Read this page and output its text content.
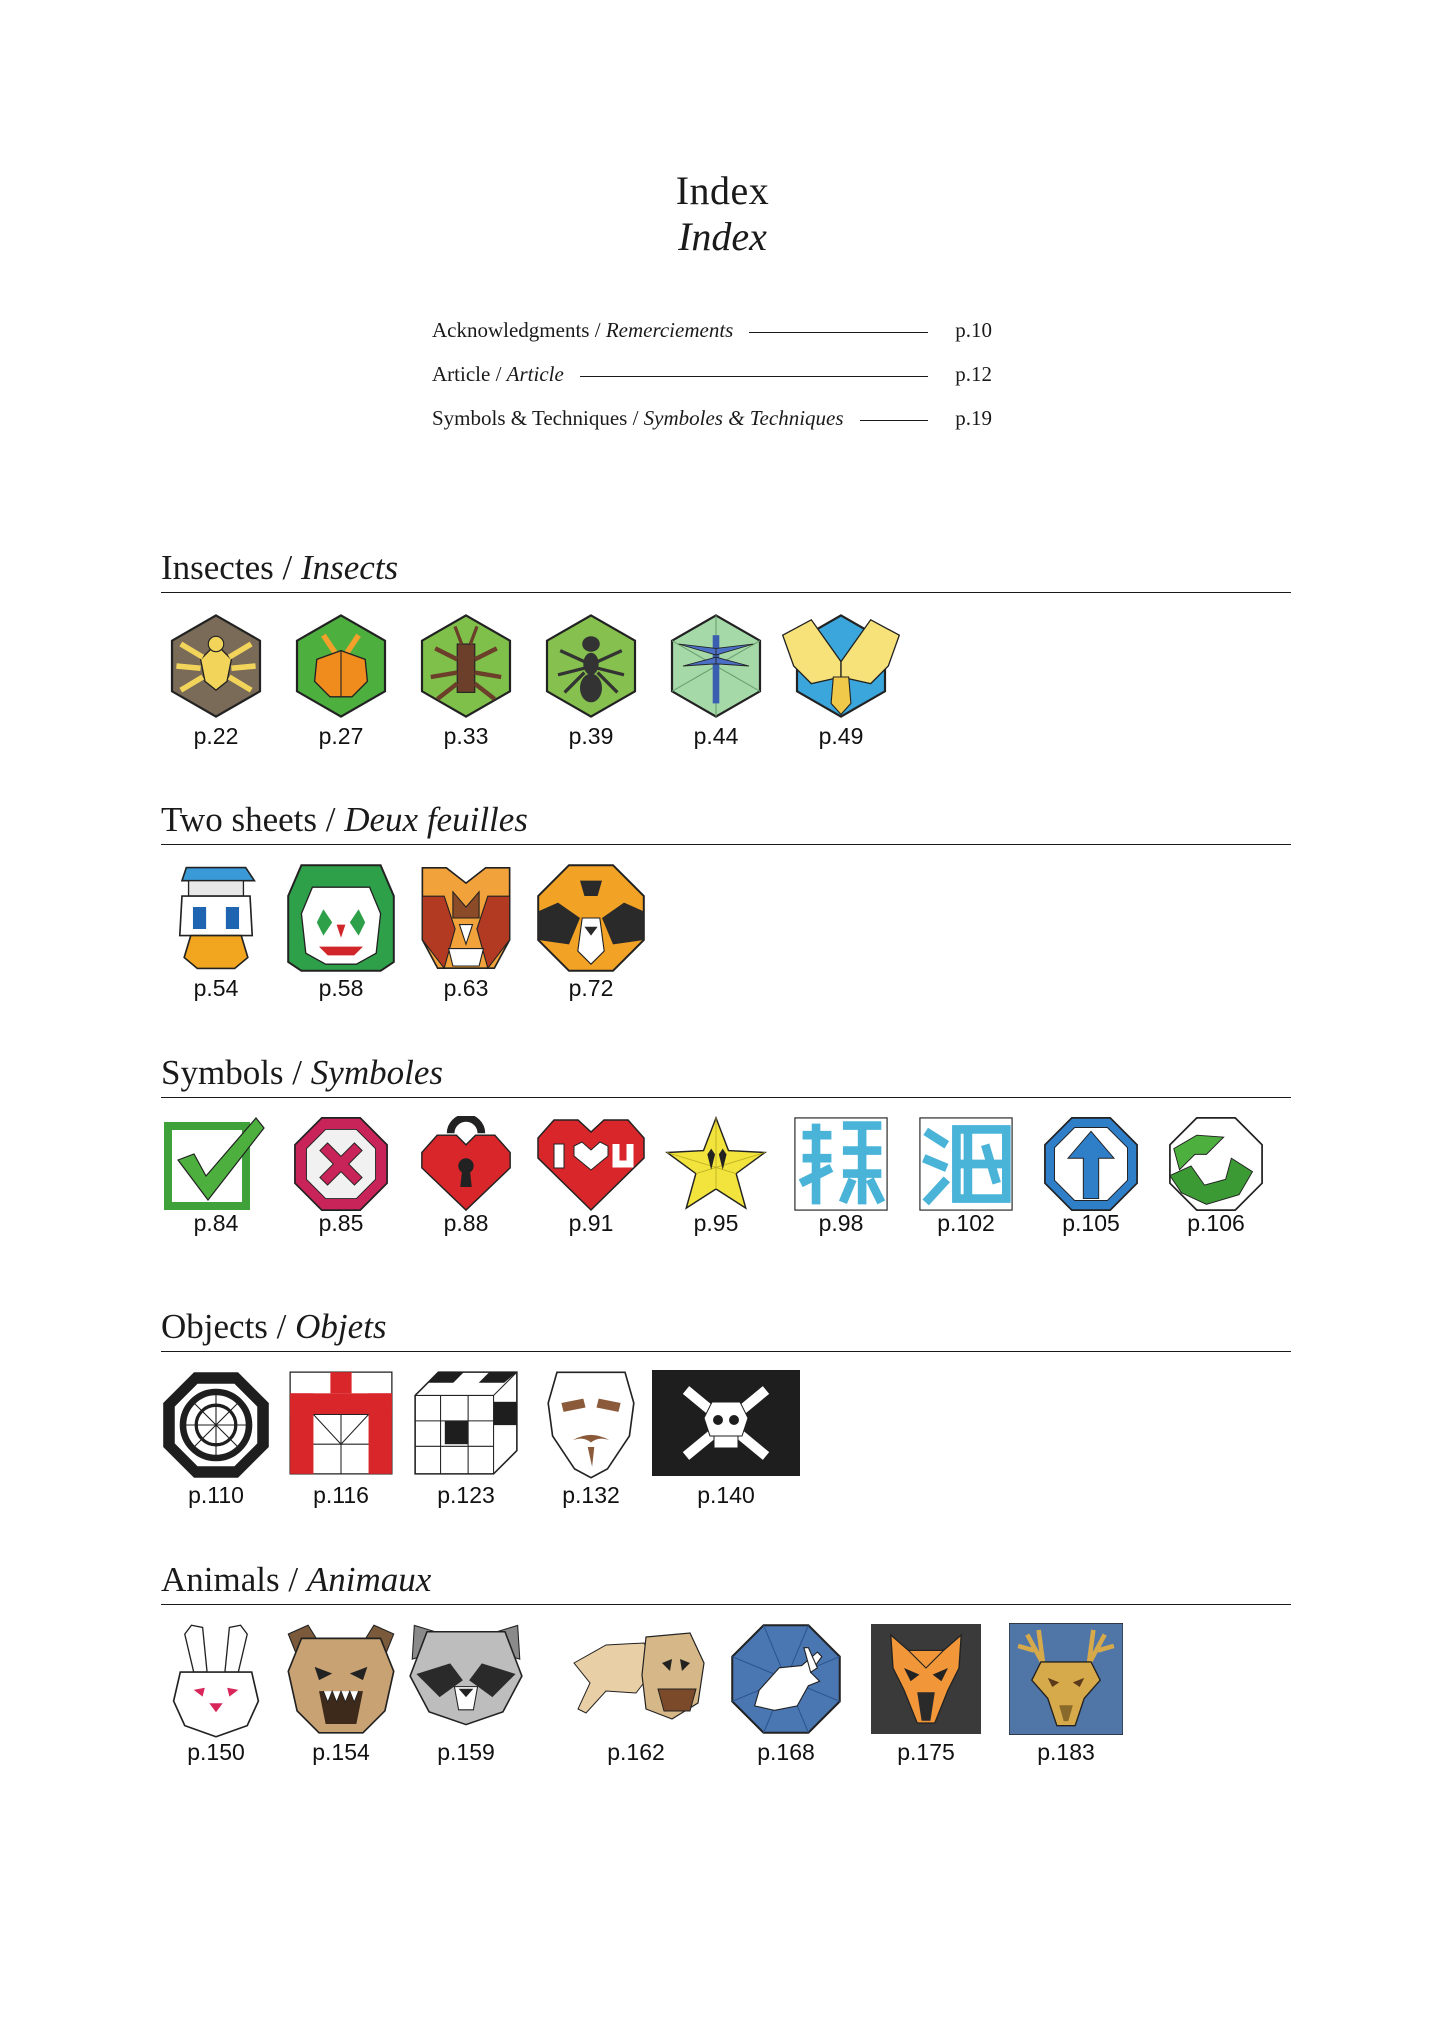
Index
Index
Acknowledgments / Remerciements	p.10
Article / Article	p.12
Symbols & Techniques / Symboles & Techniques	p.19
Insectes / Insects
p.22	p.27	p.33	p.39	p.44	p.49
Two sheets / Deux feuilles
p.54	p.58	p.63	p.72
Symbols / Symboles
p.84	p.85	p.88	p.91	p.95	p.98	p.102	p.105	p.106
Objects / Objets
p.110	p.116	p.123	p.132	p.140
Animals / Animaux
p.150	p.154	p.159	p.162	p.168	p.175	p.183
